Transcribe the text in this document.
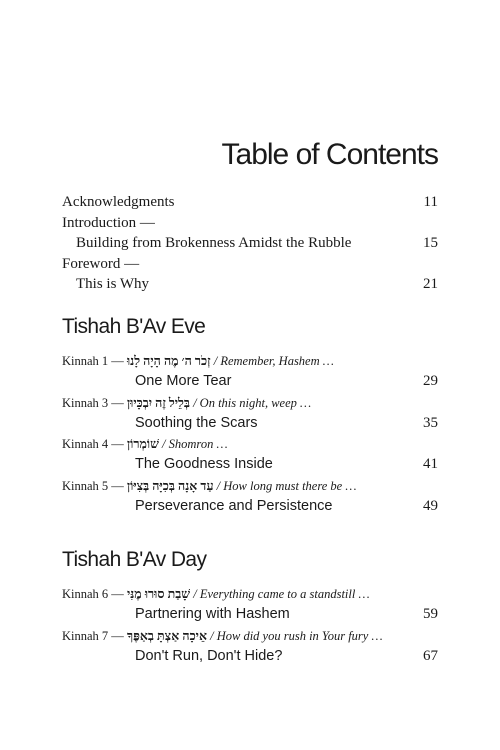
Table of Contents
Acknowledgments	11
Introduction —
Building from Brokenness Amidst the Rubble	15
Foreword —
This is Why	21
Tishah B'Av Eve
Kinnah 1 — זְכֹר ה׳ מֶה הָיָה לָנוּ / Remember, Hashem …
One More Tear	29
Kinnah 3 — בְּלֵיל זֶה יִבְכָּיוּן / On this night, weep …
Soothing the Scars	35
Kinnah 4 — שׁוֹמְרוֹן / Shomron …
The Goodness Inside	41
Kinnah 5 — עַד אָנָה בְּכִיָּה בְּצִיּוֹן / How long must there be …
Perseverance and Persistence	49
Tishah B'Av Day
Kinnah 6 — שָׁבַת סוּרוּ מֶנִּי / Everything came to a standstill …
Partnering with Hashem	59
Kinnah 7 — אֵיכָה אַצְתָּ בְאַפֶּךָ / How did you rush in Your fury …
Don't Run, Don't Hide?	67
